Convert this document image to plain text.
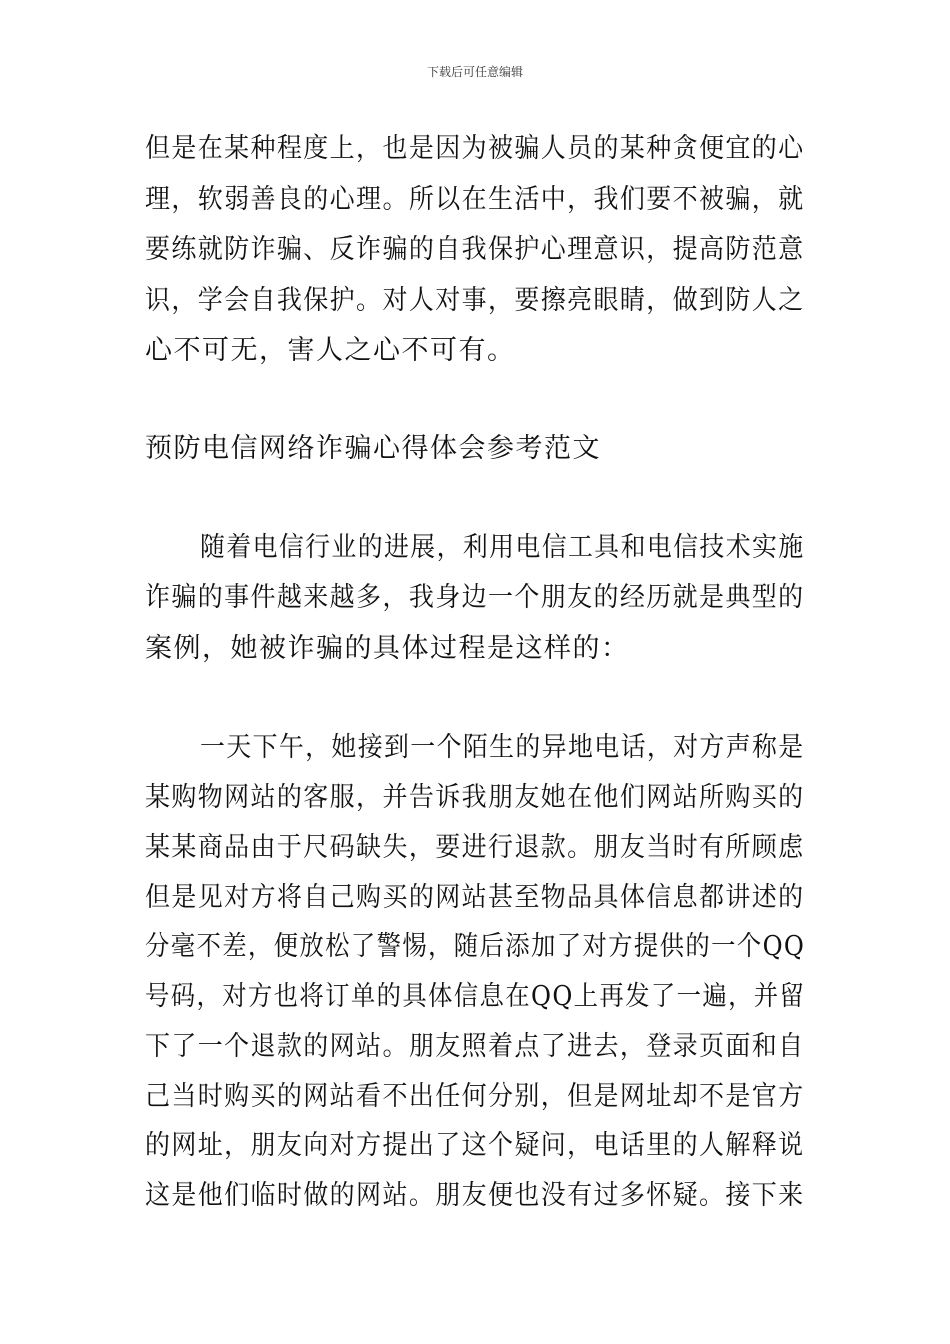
下载后可任意编辑
但是在某种程度上，也是因为被骗人员的某种贪便宜的心
理，软弱善良的心理。所以在生活中，我们要不被骗，就
要练就防诈骗、反诈骗的自我保护心理意识，提高防范意
识，学会自我保护。对人对事，要擦亮眼睛，做到防人之
心不可无，害人之心不可有。
预防电信网络诈骗心得体会参考范文
随着电信行业的进展，利用电信工具和电信技术实施
诈骗的事件越来越多，我身边一个朋友的经历就是典型的
案例，她被诈骗的具体过程是这样的：
一天下午，她接到一个陌生的异地电话，对方声称是
某购物网站的客服，并告诉我朋友她在他们网站所购买的
某某商品由于尺码缺失，要进行退款。朋友当时有所顾虑
但是见对方将自己购买的网站甚至物品具体信息都讲述的
分毫不差，便放松了警惕，随后添加了对方提供的一个QQ
号码，对方也将订单的具体信息在QQ上再发了一遍，并留
下了一个退款的网站。朋友照着点了进去，登录页面和自
己当时购买的网站看不出任何分别，但是网址却不是官方
的网址，朋友向对方提出了这个疑问，电话里的人解释说
这是他们临时做的网站。朋友便也没有过多怀疑。接下来
